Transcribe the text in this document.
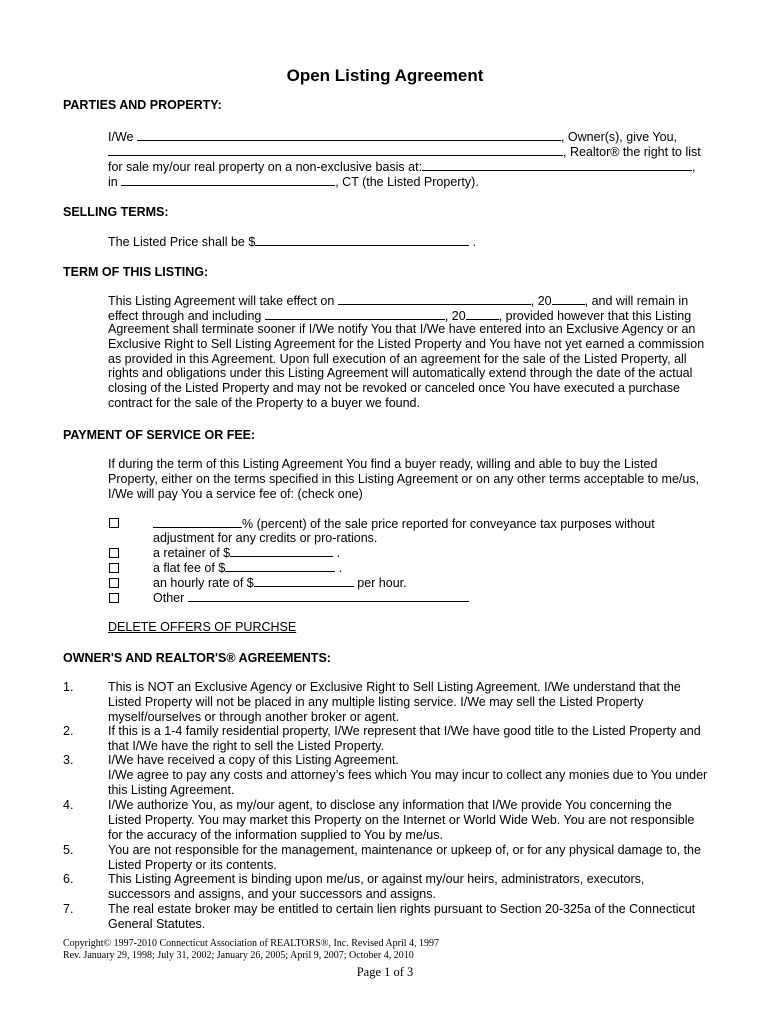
Open Listing Agreement
PARTIES AND PROPERTY:
I/We	, Owner(s), give You,
, Realtor® the right to list
for sale my/our real property on a non-exclusive basis at:	,
in	, CT (the Listed Property).
SELLING TERMS:
The Listed Price shall be $	.
TERM OF THIS LISTING:
This Listing Agreement will take effect on	, 20	, and will remain in
effect through and including	, 20	, provided however that this Listing
Agreement shall terminate sooner if I/We notify You that I/We have entered into an Exclusive Agency or an Exclusive Right to Sell Listing Agreement for the Listed Property and You have not yet earned a commission as provided in this Agreement. Upon full execution of an agreement for the sale of the Listed Property, all rights and obligations under this Listing Agreement will automatically extend through the date of the actual closing of the Listed Property and may not be revoked or canceled once You have executed a purchase contract for the sale of the Property to a buyer we found.
PAYMENT OF SERVICE OR FEE:
If during the term of this Listing Agreement You find a buyer ready, willing and able to buy the Listed Property, either on the terms specified in this Listing Agreement or on any other terms acceptable to me/us, I/We will pay You a service fee of: (check one)
% (percent) of the sale price reported for conveyance tax purposes without
adjustment for any credits or pro-rations.
a retainer of $	.
a flat fee of $	.
an hourly rate of $	per hour.
Other
DELETE OFFERS OF PURCHSE
OWNER'S AND REALTOR'S® AGREEMENTS:
1.	This is NOT an Exclusive Agency or Exclusive Right to Sell Listing Agreement. I/We understand that the Listed Property will not be placed in any multiple listing service. I/We may sell the Listed Property myself/ourselves or through another broker or agent.
2.	If this is a 1-4 family residential property, I/We represent that I/We have good title to the Listed Property and that I/We have the right to sell the Listed Property.
3.	I/We have received a copy of this Listing Agreement.
I/We agree to pay any costs and attorney’s fees which You may incur to collect any monies due to You under this Listing Agreement.
4.	I/We authorize You, as my/our agent, to disclose any information that I/We provide You concerning the Listed Property. You may market this Property on the Internet or World Wide Web. You are not responsible for the accuracy of the information supplied to You by me/us.
5.	You are not responsible for the management, maintenance or upkeep of, or for any physical damage to, the Listed Property or its contents.
6.	This Listing Agreement is binding upon me/us, or against my/our heirs, administrators, executors, successors and assigns, and your successors and assigns.
7.	The real estate broker may be entitled to certain lien rights pursuant to Section 20-325a of the Connecticut General Statutes.
Copyright© 1997-2010 Connecticut Association of REALTORS®, Inc. Revised April 4, 1997
Rev. January 29, 1998; July 31, 2002; January 26, 2005; April 9, 2007; October 4, 2010
Page 1 of 3
